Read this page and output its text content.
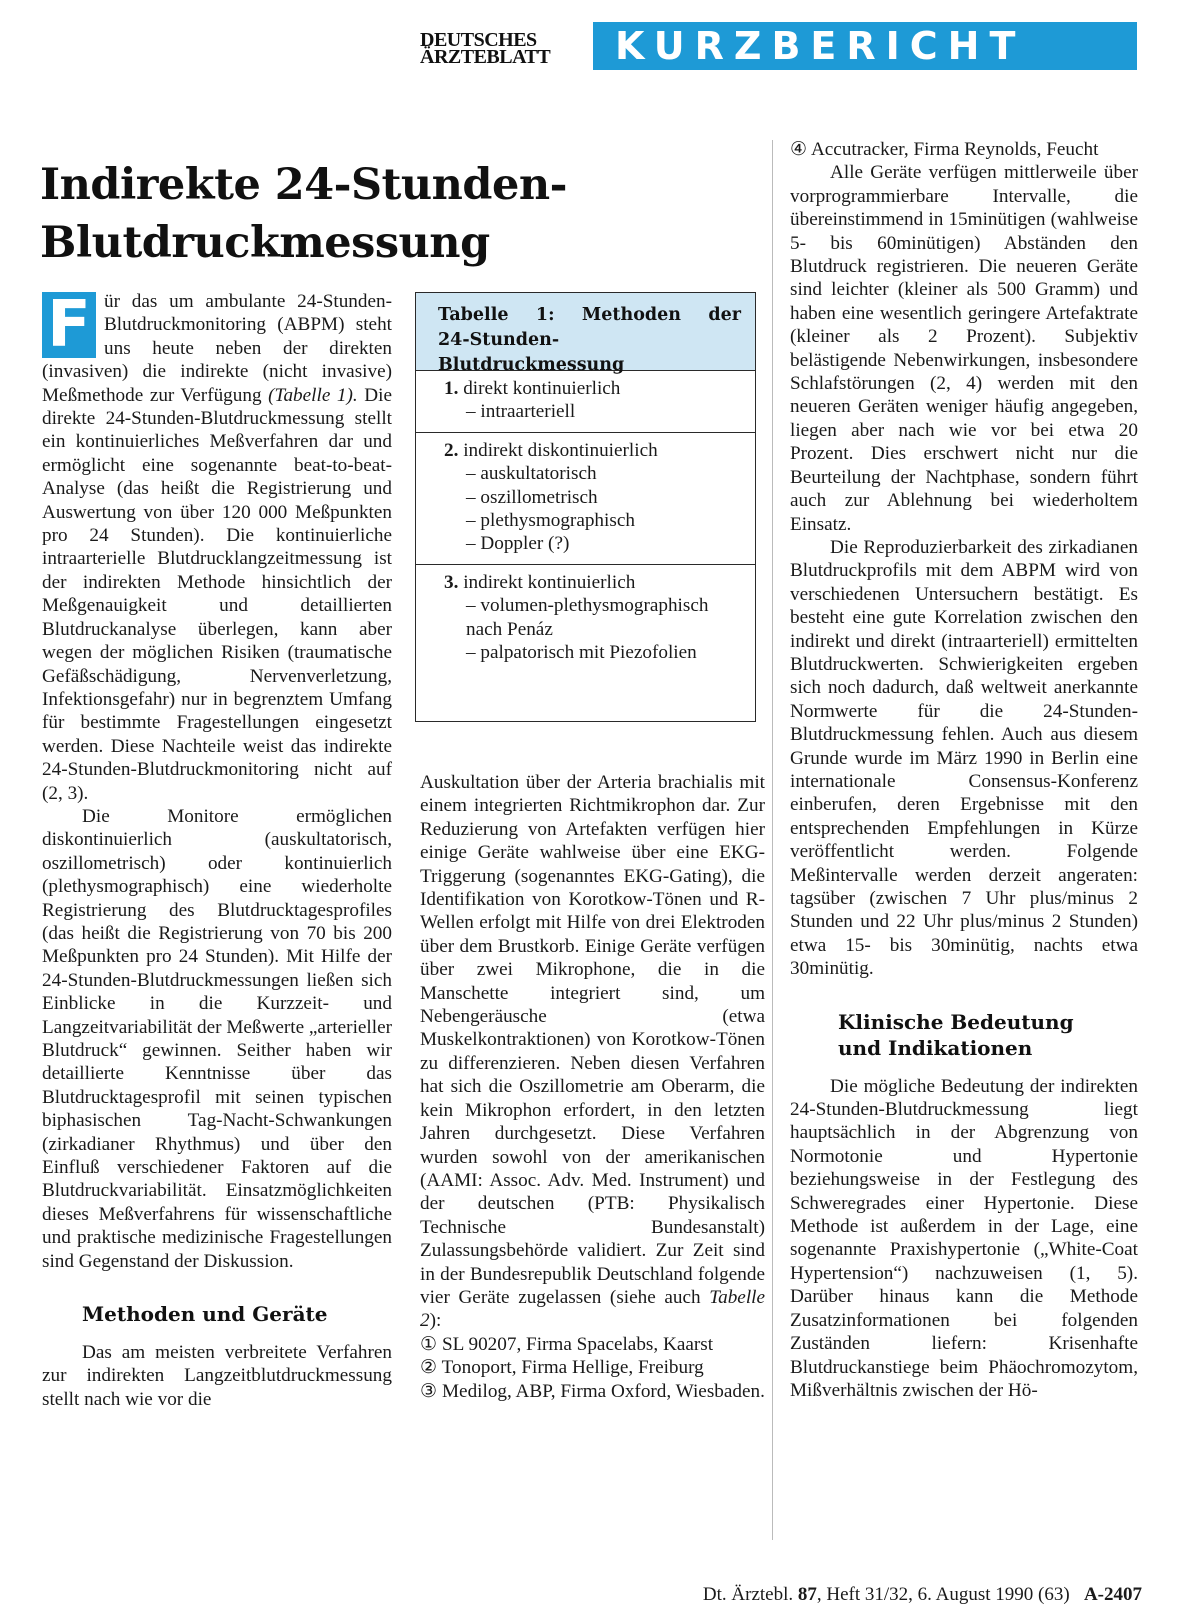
DEUTSCHES
ÄRZTEBLATT	KURZBERICHT
Indirekte 24-Stunden-Blutdruckmessung

F ür das um ambulante 24-Stunden-Blutdruckmonitoring (ABPM) steht uns heute neben der direkten (invasiven) die indirekte (nicht invasive) Meßmethode zur Verfügung (Tabelle 1). Die direkte 24-Stunden-Blutdruckmessung stellt ein kontinuierliches Meßverfahren dar und ermöglicht eine sogenannte beat-to-beat-Analyse (das heißt die Registrierung und Auswertung von über 120 000 Meßpunkten pro 24 Stunden). Die kontinuierliche intraarterielle Blutdrucklangzeitmessung ist der indirekten Methode hinsichtlich der Meßgenauigkeit und detaillierten Blutdruckanalyse überlegen, kann aber wegen der möglichen Risiken (traumatische Gefäßschädigung, Nervenverletzung, Infektionsgefahr) nur in begrenztem Umfang für bestimmte Fragestellungen eingesetzt werden. Diese Nachteile weist das indirekte 24-Stunden-Blutdruckmonitoring nicht auf (2, 3).

Die Monitore ermöglichen diskontinuierlich (auskultatorisch, oszillometrisch) oder kontinuierlich (plethysmographisch) eine wiederholte Registrierung des Blutdrucktagesprofiles (das heißt die Registrierung von 70 bis 200 Meßpunkten pro 24 Stunden). Mit Hilfe der 24-Stunden-Blutdruckmessungen ließen sich Einblicke in die Kurzzeit- und Langzeitvariabilität der Meßwerte „arterieller Blutdruck“ gewinnen. Seither haben wir detaillierte Kenntnisse über das Blutdrucktagesprofil mit seinen typischen biphasischen Tag-Nacht-Schwankungen (zirkadianer Rhythmus) und über den Einfluß verschiedener Faktoren auf die Blutdruckvariabilität. Einsatzmöglichkeiten dieses Meßverfahrens für wissenschaftliche und praktische medizinische Fragestellungen sind Gegenstand der Diskussion.

Methoden und Geräte

Das am meisten verbreitete Verfahren zur indirekten Langzeitblutdruckmessung stellt nach wie vor die

Tabelle 1: Methoden der
24-Stunden-Blutdruckmessung
1. direkt kontinuierlich
– intraarteriell
2. indirekt diskontinuierlich
– auskultatorisch
– oszillometrisch
– plethysmographisch
– Doppler (?)
3. indirekt kontinuierlich
– volumen-plethysmographisch nach Penáz
– palpatorisch mit Piezofolien

Auskultation über der Arteria brachialis mit einem integrierten Richtmikrophon dar. Zur Reduzierung von Artefakten verfügen hier einige Geräte wahlweise über eine EKG-Triggerung (sogenanntes EKG-Gating), die Identifikation von Korotkow-Tönen und R-Wellen erfolgt mit Hilfe von drei Elektroden über dem Brustkorb. Einige Geräte verfügen über zwei Mikrophone, die in die Manschette integriert sind, um Nebengeräusche (etwa Muskelkontraktionen) von Korotkow-Tönen zu differenzieren. Neben diesen Verfahren hat sich die Oszillometrie am Oberarm, die kein Mikrophon erfordert, in den letzten Jahren durchgesetzt. Diese Verfahren wurden sowohl von der amerikanischen (AAMI: Assoc. Adv. Med. Instrument) und der deutschen (PTB: Physikalisch Technische Bundesanstalt) Zulassungsbehörde validiert. Zur Zeit sind in der Bundesrepublik Deutschland folgende vier Geräte zugelassen (siehe auch Tabelle 2):

① SL 90207, Firma Spacelabs, Kaarst

② Tonoport, Firma Hellige, Freiburg

③ Medilog, ABP, Firma Oxford, Wiesbaden.

④ Accutracker, Firma Reynolds, Feucht

Alle Geräte verfügen mittlerweile über vorprogrammierbare Intervalle, die übereinstimmend in 15minütigen (wahlweise 5- bis 60minütigen) Abständen den Blutdruck registrieren. Die neueren Geräte sind leichter (kleiner als 500 Gramm) und haben eine wesentlich geringere Artefaktrate (kleiner als 2 Prozent). Subjektiv belästigende Nebenwirkungen, insbesondere Schlafstörungen (2, 4) werden mit den neueren Geräten weniger häufig angegeben, liegen aber nach wie vor bei etwa 20 Prozent. Dies erschwert nicht nur die Beurteilung der Nachtphase, sondern führt auch zur Ablehnung bei wiederholtem Einsatz.

Die Reproduzierbarkeit des zirkadianen Blutdruckprofils mit dem ABPM wird von verschiedenen Untersuchern bestätigt. Es besteht eine gute Korrelation zwischen den indirekt und direkt (intraarteriell) ermittelten Blutdruckwerten. Schwierigkeiten ergeben sich noch dadurch, daß weltweit anerkannte Normwerte für die 24-Stunden-Blutdruckmessung fehlen. Auch aus diesem Grunde wurde im März 1990 in Berlin eine internationale Consensus-Konferenz einberufen, deren Ergebnisse mit den entsprechenden Empfehlungen in Kürze veröffentlicht werden. Folgende Meßintervalle werden derzeit angeraten: tagsüber (zwischen 7 Uhr plus/minus 2 Stunden und 22 Uhr plus/minus 2 Stunden) etwa 15- bis 30minütig, nachts etwa 30minütig.

Klinische Bedeutung
und Indikationen

Die mögliche Bedeutung der indirekten 24-Stunden-Blutdruckmessung liegt hauptsächlich in der Abgrenzung von Normotonie und Hypertonie beziehungsweise in der Festlegung des Schweregrades einer Hypertonie. Diese Methode ist außerdem in der Lage, eine sogenannte Praxishypertonie („White-Coat Hypertension“) nachzuweisen (1, 5). Darüber hinaus kann die Methode Zusatzinformationen bei folgenden Zuständen liefern: Krisenhafte Blutdruckanstiege beim Phäochromozytom, Mißverhältnis zwischen der Hö-

Dt. Ärztebl. 87, Heft 31/32, 6. August 1990 (63) A-2407
